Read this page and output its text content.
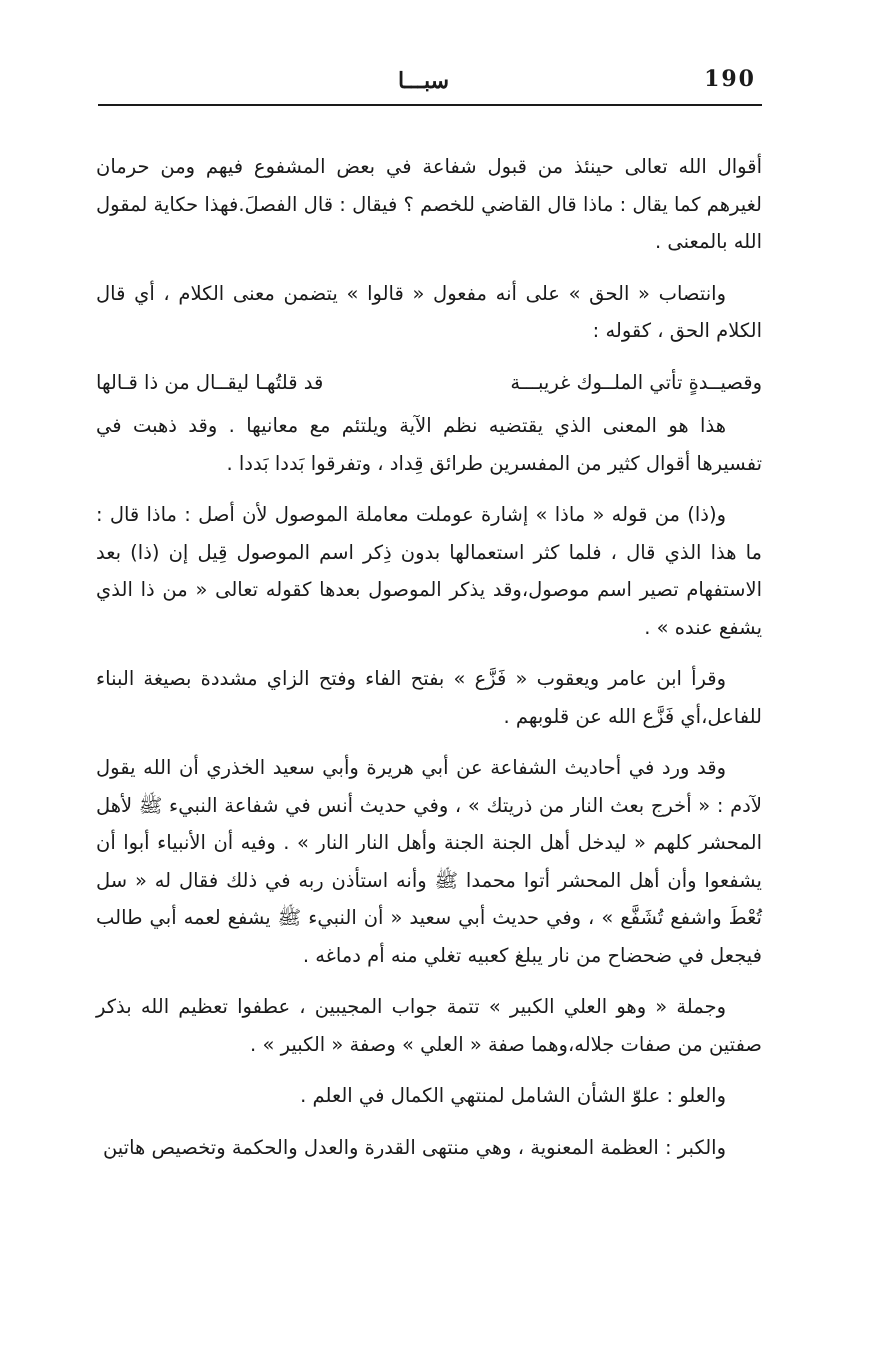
190
سبـــا

أقوال الله تعالى حينئذ من قبول شفاعة في بعض المشفوع فيهم ومن حرمان لغيرهم كما يقال : ماذا قال القاضي للخصم ؟ فيقال : قال الفصلَ.فهذا حكاية لمقول الله بالمعنى .

وانتصاب « الحق » على أنه مفعول « قالوا » يتضمن معنى الكلام ، أي قال الكلام الحق ، كقوله :

وقصيــدةٍ تأتي الملــوك غريبـــة
قد قلتُهـا ليقــال من ذا قـالها

هذا هو المعنى الذي يقتضيه نظم الآية ويلتئم مع معانيها . وقد ذهبت في تفسيرها أقوال كثير من المفسرين طرائق قِداد ، وتفرقوا بَددا بَددا .

و(ذا) من قوله « ماذا » إشارة عوملت معاملة الموصول لأن أصل : ماذا قال : ما هذا الذي قال ، فلما كثر استعمالها بدون ذِكر اسم الموصول قِيل إن (ذا) بعد الاستفهام تصير اسم موصول،وقد يذكر الموصول بعدها كقوله تعالى « من ذا الذي يشفع عنده » .

وقرأ ابن عامر ويعقوب « فَزَّع » بفتح الفاء وفتح الزاي مشددة بصيغة البناء للفاعل،أي فَزَّع الله عن قلوبهم .

وقد ورد في أحاديث الشفاعة عن أبي هريرة وأبي سعيد الخذري أن الله يقول لآدم : « أخرج بعث النار من ذريتك » ، وفي حديث أنس في شفاعة النبيء ﷺ لأهل المحشر كلهم « ليدخل أهل الجنة الجنة وأهل النار النار » . وفيه أن الأنبياء أبوا أن يشفعوا وأن أهل المحشر أتوا محمدا ﷺ وأنه استأذن ربه في ذلك فقال له « سل تُعْطَ واشفع تُشَفَّع » ، وفي حديث أبي سعيد « أن النبيء ﷺ يشفع لعمه أبي طالب فيجعل في ضحضاح من نار يبلغ كعبيه تغلي منه أم دماغه .

وجملة « وهو العلي الكبير » تتمة جواب المجيبين ، عطفوا تعظيم الله بذكر صفتين من صفات جلاله،وهما صفة « العلي » وصفة « الكبير » .

والعلو : علوّ الشأن الشامل لمنتهي الكمال في العلم .

والكبر : العظمة المعنوية ، وهي منتهى القدرة والعدل والحكمة وتخصيص هاتين
